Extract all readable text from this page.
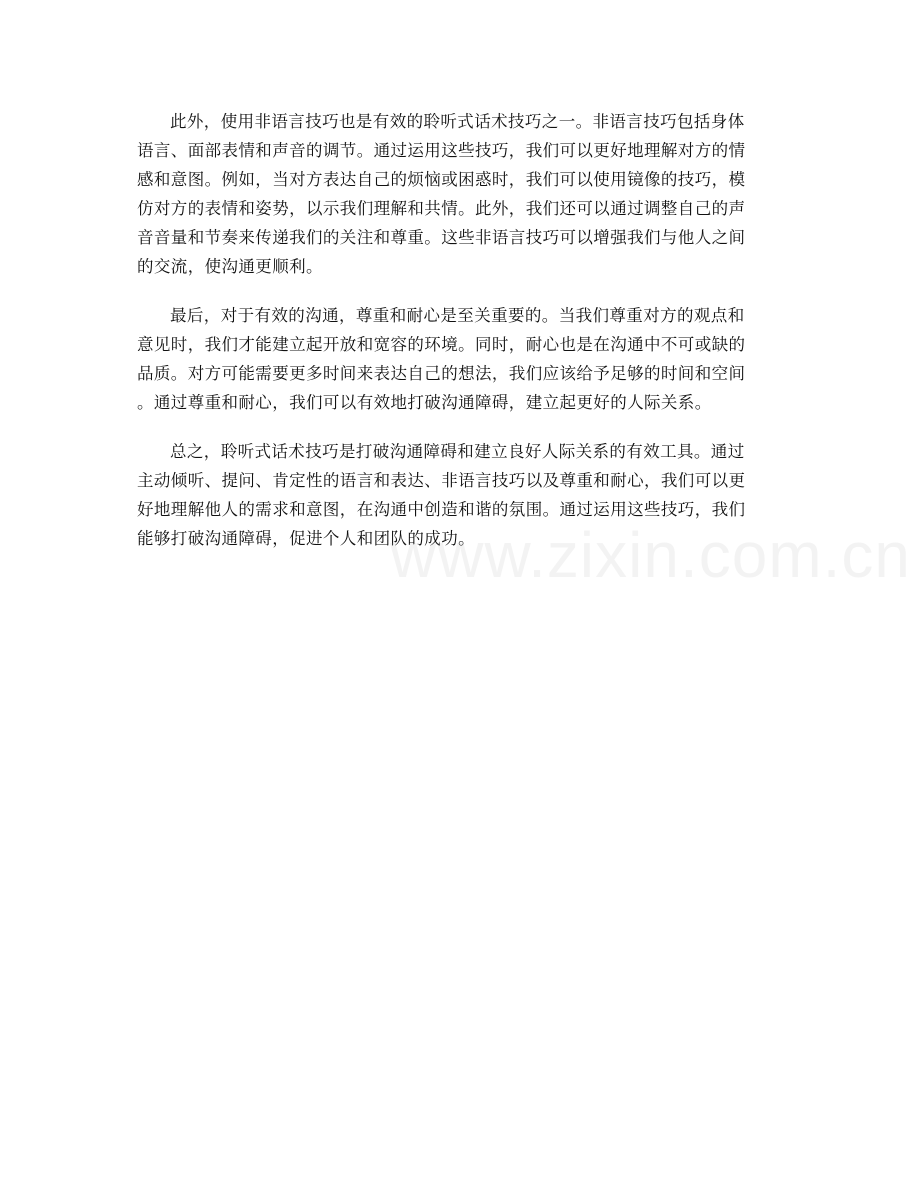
此外，使用非语言技巧也是有效的聆听式话术技巧之一。非语言技巧包括身体
语言、面部表情和声音的调节。通过运用这些技巧，我们可以更好地理解对方的情
感和意图。例如，当对方表达自己的烦恼或困惑时，我们可以使用镜像的技巧，模
仿对方的表情和姿势，以示我们理解和共情。此外，我们还可以通过调整自己的声
音音量和节奏来传递我们的关注和尊重。这些非语言技巧可以增强我们与他人之间
的交流，使沟通更顺利。

最后，对于有效的沟通，尊重和耐心是至关重要的。当我们尊重对方的观点和
意见时，我们才能建立起开放和宽容的环境。同时，耐心也是在沟通中不可或缺的
品质。对方可能需要更多时间来表达自己的想法，我们应该给予足够的时间和空间
。通过尊重和耐心，我们可以有效地打破沟通障碍，建立起更好的人际关系。

总之，聆听式话术技巧是打破沟通障碍和建立良好人际关系的有效工具。通过
主动倾听、提问、肯定性的语言和表达、非语言技巧以及尊重和耐心，我们可以更
好地理解他人的需求和意图，在沟通中创造和谐的氛围。通过运用这些技巧，我们
能够打破沟通障碍，促进个人和团队的成功。

www.zixin.com.cn
